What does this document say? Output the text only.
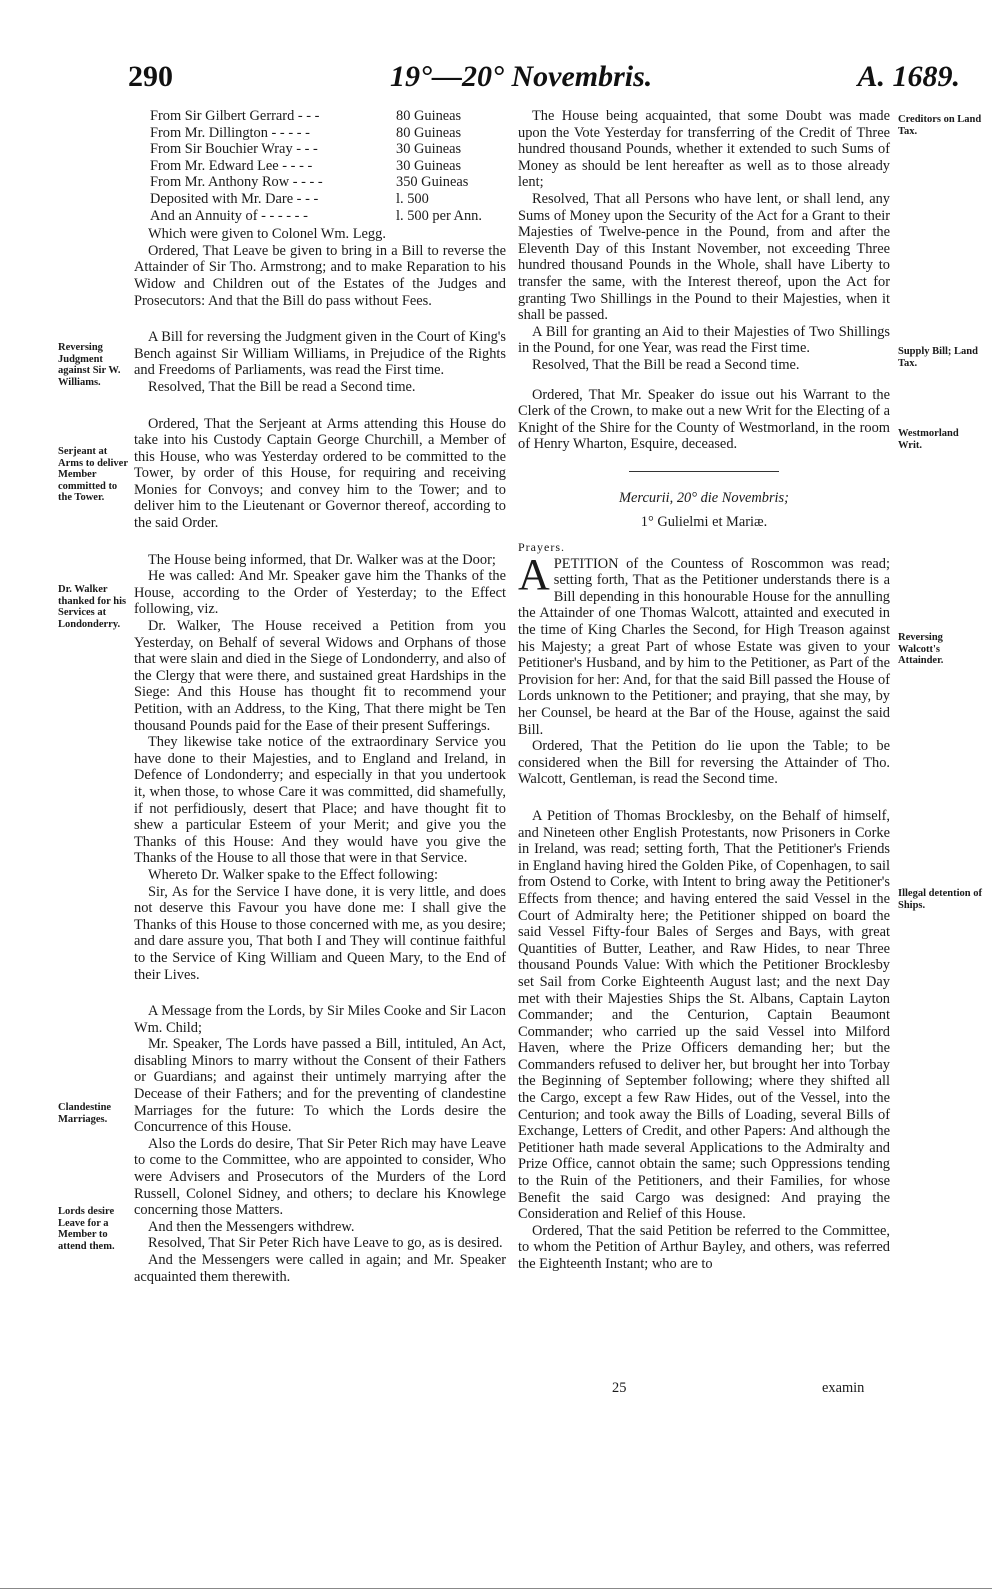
290	19°—20° Novembris.	A. 1689.
Reversing Judgment against Sir W. Williams.
Serjeant at Arms to deliver Member committed to the Tower.
Dr. Walker thanked for his Services at Londonderry.
Clandestine Marriages.
Lords desire Leave for a Member to attend them.
Creditors on Land Tax.
Supply Bill; Land Tax.
Westmorland Writ.
Reversing Walcott's Attainder.
Illegal detention of Ships.
From Sir Gilbert Gerrard - - -	80 Guineas
From Mr. Dillington - - - - -	80 Guineas
From Sir Bouchier Wray - - -	30 Guineas
From Mr. Edward Lee - - - -	30 Guineas
From Mr. Anthony Row - - - -	350 Guineas
Deposited with Mr. Dare - - -	l. 500
And an Annuity of - - - - - -	l. 500 per Ann.

Which were given to Colonel Wm. Legg.

Ordered, That Leave be given to bring in a Bill to reverse the Attainder of Sir Tho. Armstrong; and to make Reparation to his Widow and Children out of the Estates of the Judges and Prosecutors: And that the Bill do pass without Fees.

A Bill for reversing the Judgment given in the Court of King's Bench against Sir William Williams, in Prejudice of the Rights and Freedoms of Parliaments, was read the First time.

Resolved, That the Bill be read a Second time.

Ordered, That the Serjeant at Arms attending this House do take into his Custody Captain George Churchill, a Member of this House, who was Yesterday ordered to be committed to the Tower, by order of this House, for requiring and receiving Monies for Convoys; and convey him to the Tower; and to deliver him to the Lieutenant or Governor thereof, according to the said Order.

The House being informed, that Dr. Walker was at the Door;

He was called: And Mr. Speaker gave him the Thanks of the House, according to the Order of Yesterday; to the Effect following, viz.

Dr. Walker, The House received a Petition from you Yesterday, on Behalf of several Widows and Orphans of those that were slain and died in the Siege of Londonderry, and also of the Clergy that were there, and sustained great Hardships in the Siege: And this House has thought fit to recommend your Petition, with an Address, to the King, That there might be Ten thousand Pounds paid for the Ease of their present Sufferings.

They likewise take notice of the extraordinary Service you have done to their Majesties, and to England and Ireland, in Defence of Londonderry; and especially in that you undertook it, when those, to whose Care it was committed, did shamefully, if not perfidiously, desert that Place; and have thought fit to shew a particular Esteem of your Merit; and give you the Thanks of this House: And they would have you give the Thanks of the House to all those that were in that Service.

Whereto Dr. Walker spake to the Effect following:

Sir, As for the Service I have done, it is very little, and does not deserve this Favour you have done me: I shall give the Thanks of this House to those concerned with me, as you desire; and dare assure you, That both I and They will continue faithful to the Service of King William and Queen Mary, to the End of their Lives.

A Message from the Lords, by Sir Miles Cooke and Sir Lacon Wm. Child;

Mr. Speaker, The Lords have passed a Bill, intituled, An Act, disabling Minors to marry without the Consent of their Fathers or Guardians; and against their untimely marrying after the Decease of their Fathers; and for the preventing of clandestine Marriages for the future: To which the Lords desire the Concurrence of this House.

Also the Lords do desire, That Sir Peter Rich may have Leave to come to the Committee, who are appointed to consider, Who were Advisers and Prosecutors of the Murders of the Lord Russell, Colonel Sidney, and others; to declare his Knowlege concerning those Matters.

And then the Messengers withdrew.

Resolved, That Sir Peter Rich have Leave to go, as is desired.

And the Messengers were called in again; and Mr. Speaker acquainted them therewith.

The House being acquainted, that some Doubt was made upon the Vote Yesterday for transferring of the Credit of Three hundred thousand Pounds, whether it extended to such Sums of Money as should be lent hereafter as well as to those already lent;

Resolved, That all Persons who have lent, or shall lend, any Sums of Money upon the Security of the Act for a Grant to their Majesties of Twelve-pence in the Pound, from and after the Eleventh Day of this Instant November, not exceeding Three hundred thousand Pounds in the Whole, shall have Liberty to transfer the same, with the Interest thereof, upon the Act for granting Two Shillings in the Pound to their Majesties, when it shall be passed.

A Bill for granting an Aid to their Majesties of Two Shillings in the Pound, for one Year, was read the First time.

Resolved, That the Bill be read a Second time.

Ordered, That Mr. Speaker do issue out his Warrant to the Clerk of the Crown, to make out a new Writ for the Electing of a Knight of the Shire for the County of Westmorland, in the room of Henry Wharton, Esquire, deceased.

Mercurii, 20° die Novembris;

1° Gulielmi et Mariæ.

Prayers.

APETITION of the Countess of Roscommon was read; setting forth, That as the Petitioner understands there is a Bill depending in this honourable House for the annulling the Attainder of one Thomas Walcott, attainted and executed in the time of King Charles the Second, for High Treason against his Majesty; a great Part of whose Estate was given to your Petitioner's Husband, and by him to the Petitioner, as Part of the Provision for her: And, for that the said Bill passed the House of Lords unknown to the Petitioner; and praying, that she may, by her Counsel, be heard at the Bar of the House, against the said Bill.

Ordered, That the Petition do lie upon the Table; to be considered when the Bill for reversing the Attainder of Tho. Walcott, Gentleman, is read the Second time.

A Petition of Thomas Brocklesby, on the Behalf of himself, and Nineteen other English Protestants, now Prisoners in Corke in Ireland, was read; setting forth, That the Petitioner's Friends in England having hired the Golden Pike, of Copenhagen, to sail from Ostend to Corke, with Intent to bring away the Petitioner's Effects from thence; and having entered the said Vessel in the Court of Admiralty here; the Petitioner shipped on board the said Vessel Fifty-four Bales of Serges and Bays, with great Quantities of Butter, Leather, and Raw Hides, to near Three thousand Pounds Value: With which the Petitioner Brocklesby set Sail from Corke Eighteenth August last; and the next Day met with their Majesties Ships the St. Albans, Captain Layton Commander; and the Centurion, Captain Beaumont Commander; who carried up the said Vessel into Milford Haven, where the Prize Officers demanding her; but the Commanders refused to deliver her, but brought her into Torbay the Beginning of September following; where they shifted all the Cargo, except a few Raw Hides, out of the Vessel, into the Centurion; and took away the Bills of Loading, several Bills of Exchange, Letters of Credit, and other Papers: And although the Petitioner hath made several Applications to the Admiralty and Prize Office, cannot obtain the same; such Oppressions tending to the Ruin of the Petitioners, and their Families, for whose Benefit the said Cargo was designed: And praying the Consideration and Relief of this House.

Ordered, That the said Petition be referred to the Committee, to whom the Petition of Arthur Bayley, and others, was referred the Eighteenth Instant; who are to

25	examin
